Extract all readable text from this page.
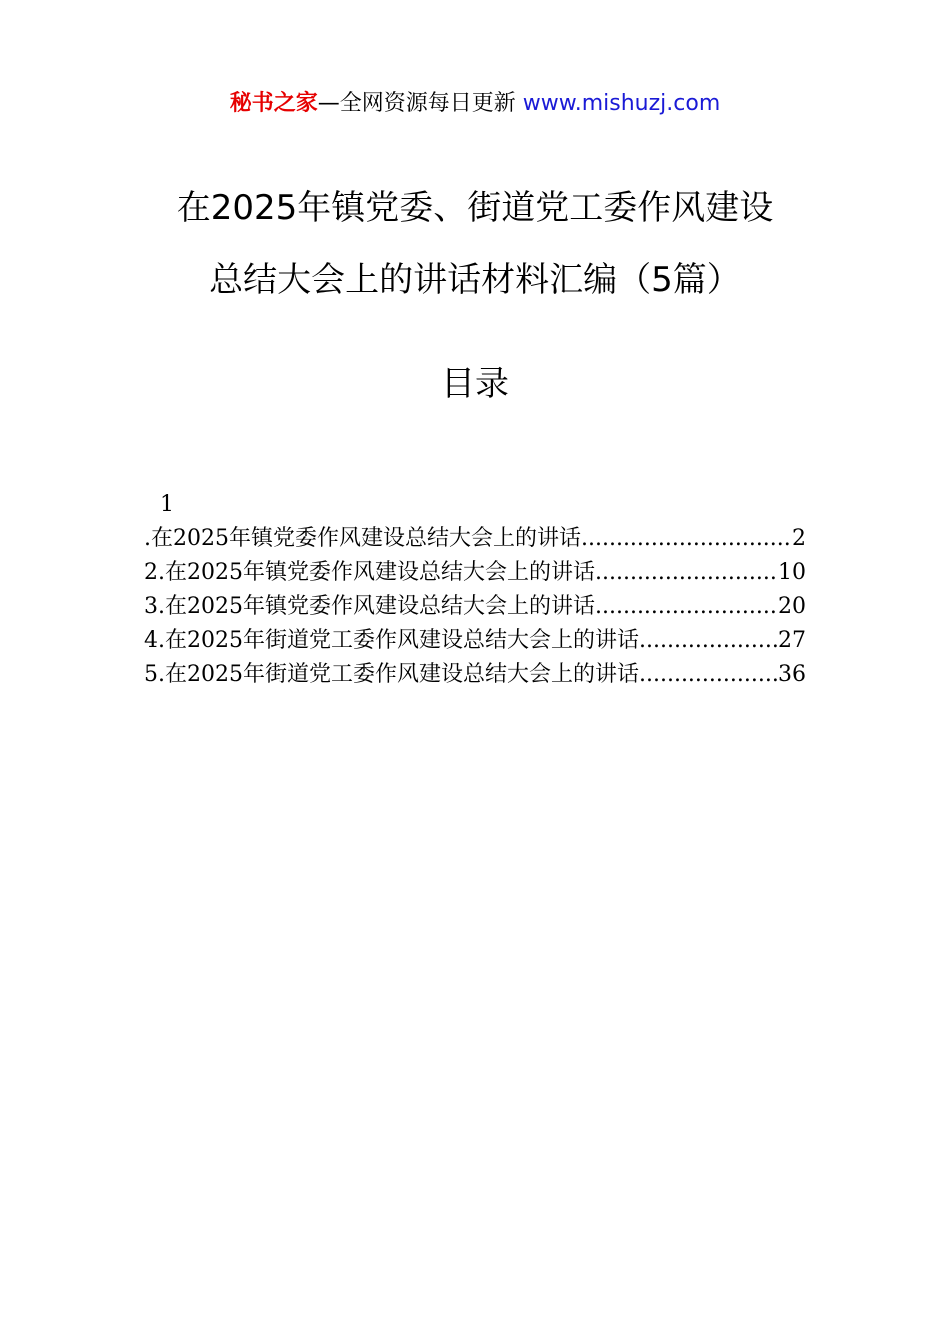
秘书之家—全网资源每日更新 www.mishuzj.com
在2025年镇党委、街道党工委作风建设
总结大会上的讲话材料汇编（5篇）
目录
1
.在2025年镇党委作风建设总结大会上的讲话 .....	2
2.在2025年镇党委作风建设总结大会上的讲话 .....	10
3.在2025年镇党委作风建设总结大会上的讲话 .....	20
4.在2025年街道党工委作风建设总结大会上的讲话 .....	27
5.在2025年街道党工委作风建设总结大会上的讲话 .....	36
